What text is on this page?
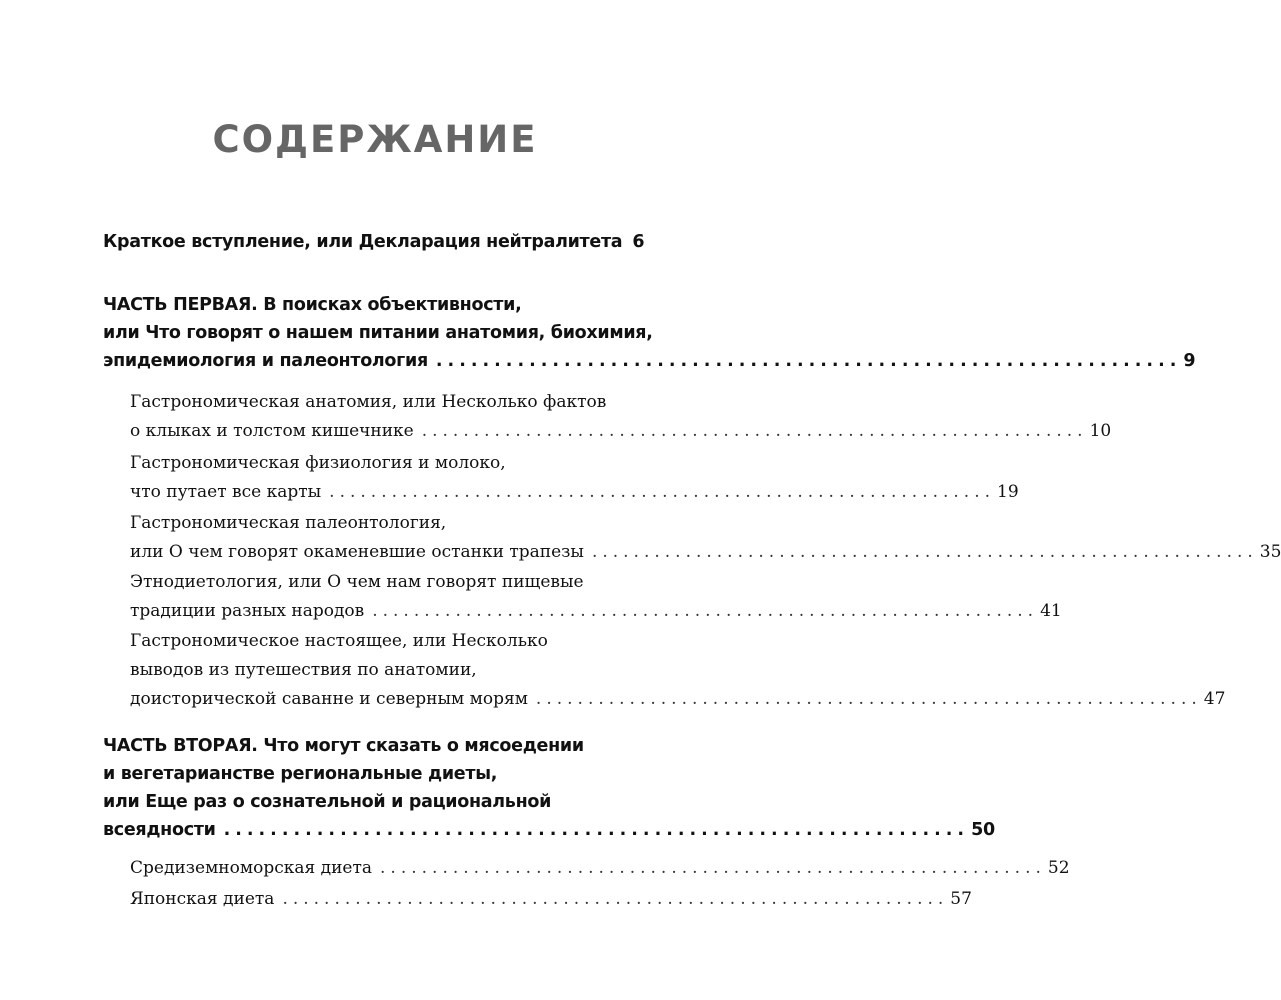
СОДЕРЖАНИЕ
Краткое вступление, или Декларация нейтралитета 6
ЧАСТЬ ПЕРВАЯ. В поисках объективности,
или Что говорят о нашем питании анатомия, биохимия,
эпидемиология и палеонтология ................................................................ 9
Гастрономическая анатомия, или Несколько фактов
о клыках и толстом кишечнике ................................................................ 10
Гастрономическая физиология и молоко,
что путает все карты ................................................................ 19
Гастрономическая палеонтология,
или О чем говорят окаменевшие останки трапезы ................................................................ 35
Этнодиетология, или О чем нам говорят пищевые
традиции разных народов ................................................................ 41
Гастрономическое настоящее, или Несколько
выводов из путешествия по анатомии,
доисторической саванне и северным морям ................................................................ 47
ЧАСТЬ ВТОРАЯ. Что могут сказать о мясоедении
и вегетарианстве региональные диеты,
или Еще раз о сознательной и рациональной
всеядности ................................................................ 50
Средиземноморская диета ................................................................ 52
Японская диета ................................................................ 57
